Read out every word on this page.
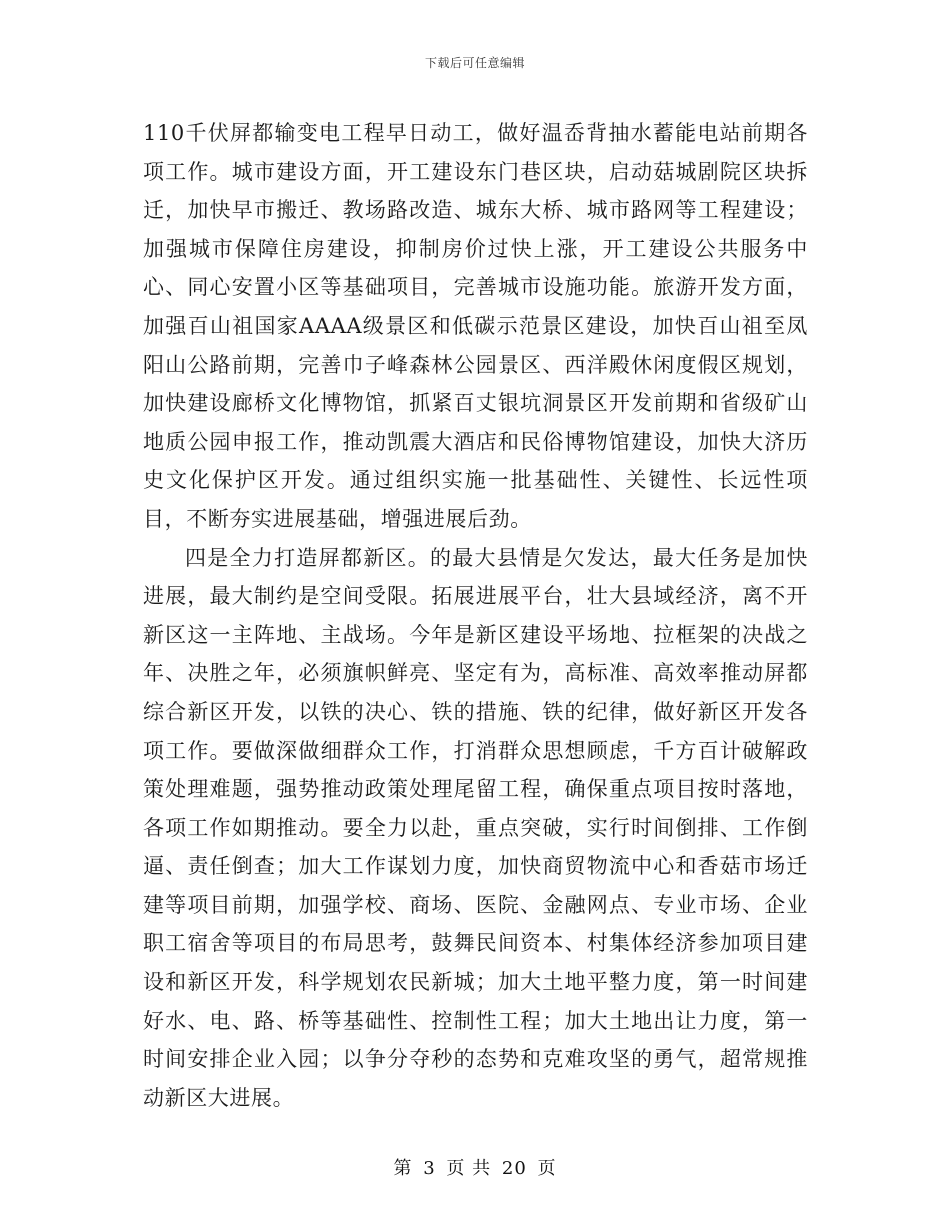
下载后可任意编辑

110千伏屏都输变电工程早日动工，做好温岙背抽水蓄能电站前期各项工作。城市建设方面，开工建设东门巷区块，启动菇城剧院区块拆迁，加快早市搬迁、教场路改造、城东大桥、城市路网等工程建设；加强城市保障住房建设，抑制房价过快上涨，开工建设公共服务中心、同心安置小区等基础项目，完善城市设施功能。旅游开发方面，加强百山祖国家AAAA级景区和低碳示范景区建设，加快百山祖至凤阳山公路前期，完善巾子峰森林公园景区、西洋殿休闲度假区规划，加快建设廊桥文化博物馆，抓紧百丈银坑洞景区开发前期和省级矿山地质公园申报工作，推动凯震大酒店和民俗博物馆建设，加快大济历史文化保护区开发。通过组织实施一批基础性、关键性、长远性项目，不断夯实进展基础，增强进展后劲。

四是全力打造屏都新区。的最大县情是欠发达，最大任务是加快进展，最大制约是空间受限。拓展进展平台，壮大县域经济，离不开新区这一主阵地、主战场。今年是新区建设平场地、拉框架的决战之年、决胜之年，必须旗帜鲜亮、坚定有为，高标准、高效率推动屏都综合新区开发，以铁的决心、铁的措施、铁的纪律，做好新区开发各项工作。要做深做细群众工作，打消群众思想顾虑，千方百计破解政策处理难题，强势推动政策处理尾留工程，确保重点项目按时落地，各项工作如期推动。要全力以赴，重点突破，实行时间倒排、工作倒逼、责任倒查；加大工作谋划力度，加快商贸物流中心和香菇市场迁建等项目前期，加强学校、商场、医院、金融网点、专业市场、企业职工宿舍等项目的布局思考，鼓舞民间资本、村集体经济参加项目建设和新区开发，科学规划农民新城；加大土地平整力度，第一时间建好水、电、路、桥等基础性、控制性工程；加大土地出让力度，第一时间安排企业入园；以争分夺秒的态势和克难攻坚的勇气，超常规推动新区大进展。

第 3 页 共 20 页
